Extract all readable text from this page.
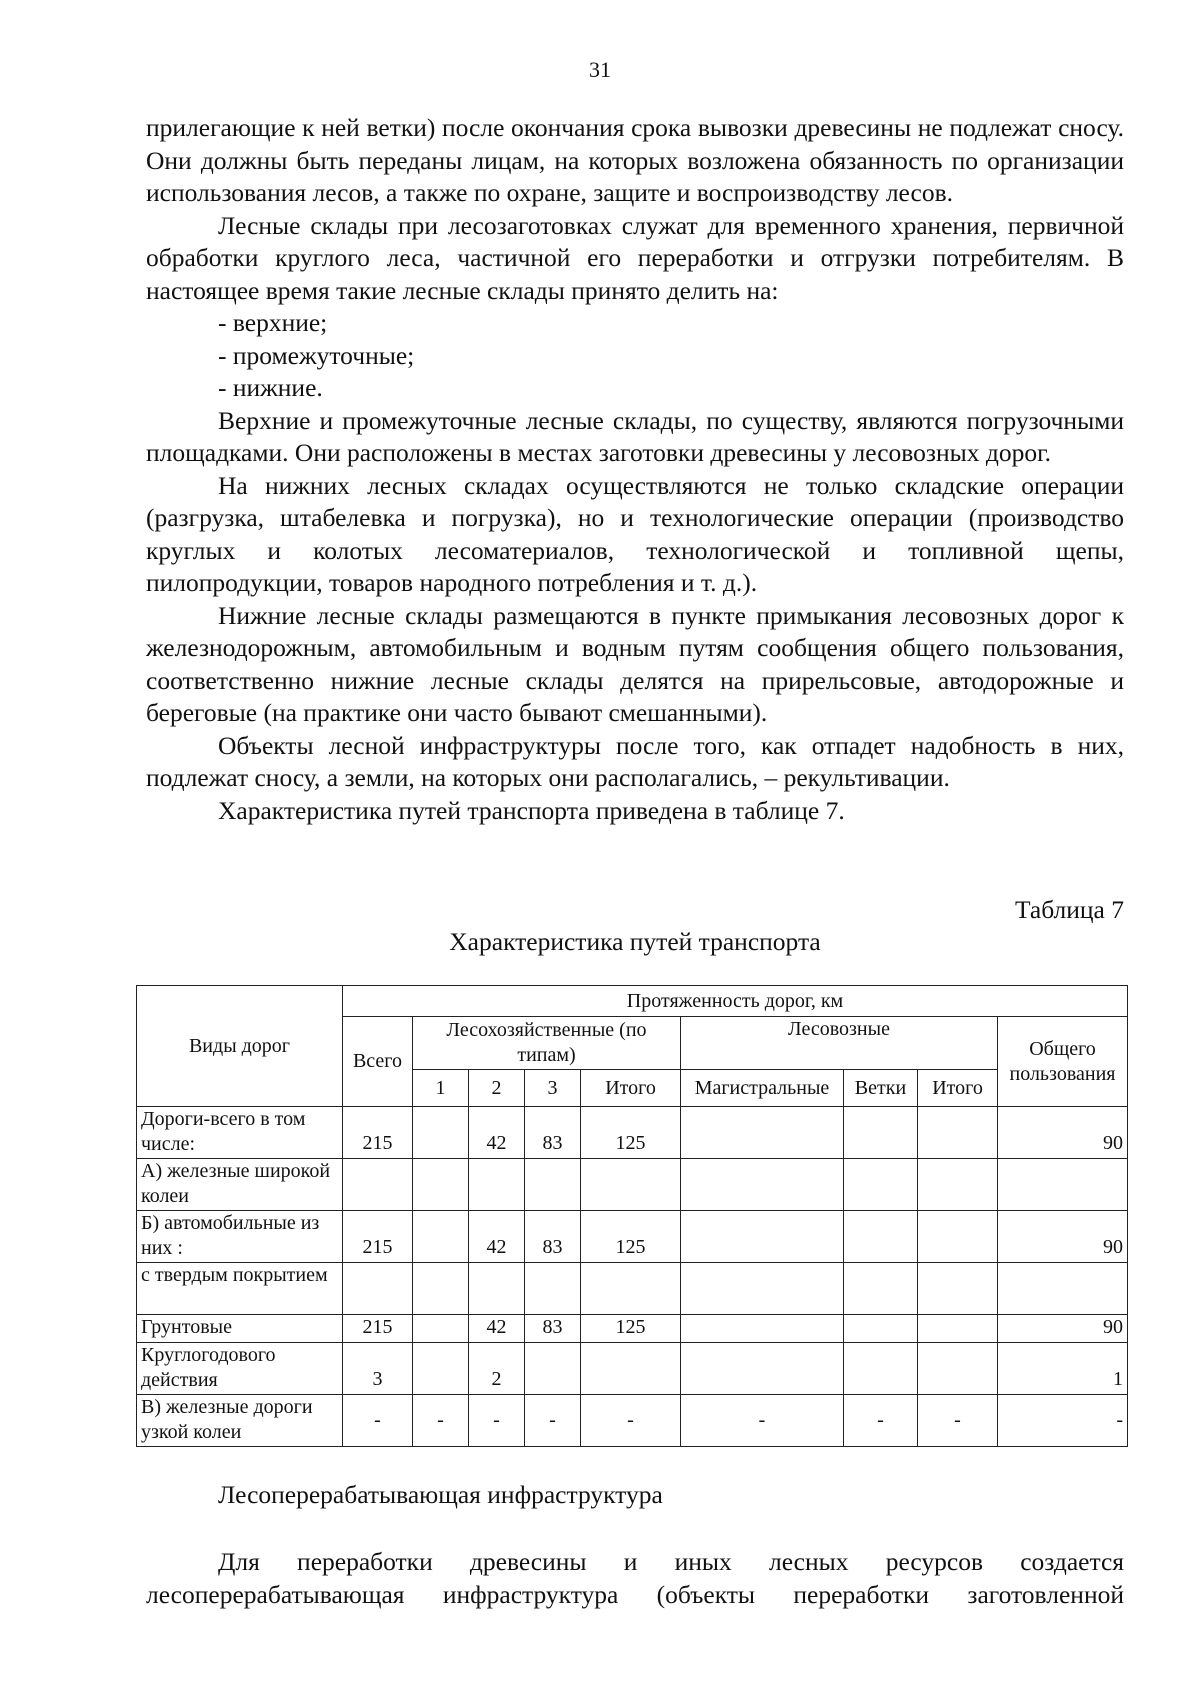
31

прилегающие к ней ветки) после окончания срока вывозки древесины не подлежат сносу. Они должны быть переданы лицам, на которых возложена обязанность по организации использования лесов, а также по охране, защите и воспроизводству лесов.

Лесные склады при лесозаготовках служат для временного хранения, первичной обработки круглого леса, частичной его переработки и отгрузки потребителям. В настоящее время такие лесные склады принято делить на:

- верхние;

- промежуточные;

- нижние.

Верхние и промежуточные лесные склады, по существу, являются погрузочными площадками. Они расположены в местах заготовки древесины у лесовозных дорог.

На нижних лесных складах осуществляются не только складские операции (разгрузка, штабелевка и погрузка), но и технологические операции (производство круглых и колотых лесоматериалов, технологической и топливной щепы, пилопродукции, товаров народного потребления и т. д.).

Нижние лесные склады размещаются в пункте примыкания лесовозных дорог к железнодорожным, автомобильным и водным путям сообщения общего пользования, соответственно нижние лесные склады делятся на прирельсовые, автодорожные и береговые (на практике они часто бывают смешанными).

Объекты лесной инфраструктуры после того, как отпадет надобность в них, подлежат сносу, а земли, на которых они располагались, – рекультивации.

Характеристика путей транспорта приведена в таблице 7.

Таблица 7
Характеристика путей транспорта
Виды дорог	Протяженность дорог, км								
	Всего	Лесохозяйственные (по типам)				Лесовозные			Общего пользования
		1	2	3	Итого	Магистральные	Ветки	Итого	
Дороги-всего в том числе:	215		42	83	125				90
А) железные широкой колеи									
Б) автомобильные из них :	215		42	83	125				90
с твердым покрытием									
Грунтовые	215		42	83	125				90
Круглогодового действия	3		2						1
В) железные дороги узкой колеи	-	-	-	-	-	-	-	-	-
Лесоперерабатывающая инфраструктура

Для переработки древесины и иных лесных ресурсов создается лесоперерабатывающая инфраструктура (объекты переработки заготовленной
